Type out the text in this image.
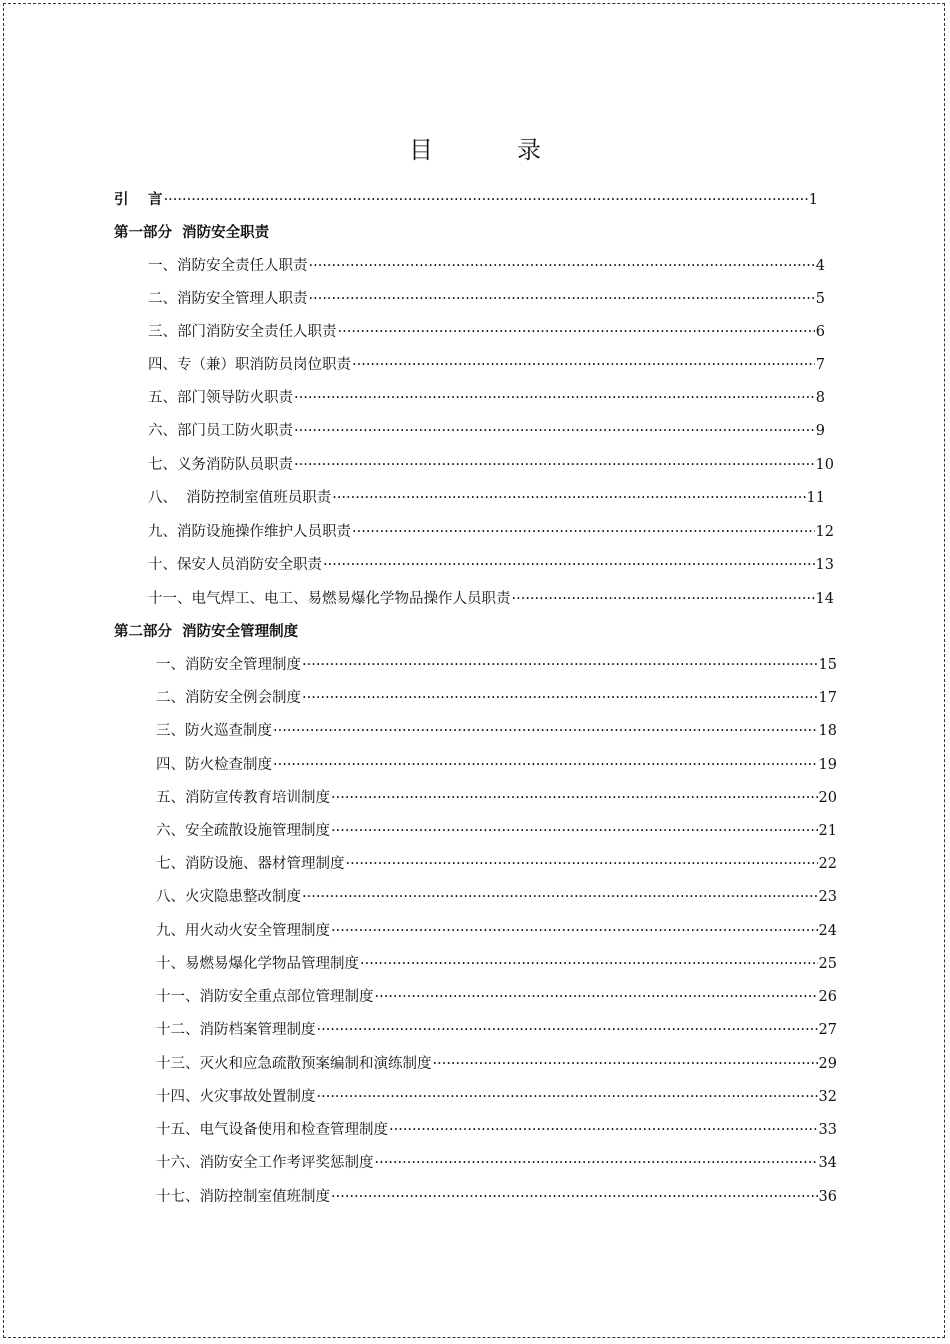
目	录
引　 言 ·····	1
第一部分  消防安全职责
一、消防安全责任人职责 ·····	4
二、消防安全管理人职责 ·····	5
三、部门消防安全责任人职责 ·····	6
四、专（兼）职消防员岗位职责 ·····	7
五、部门领导防火职责 ·····	8
六、部门员工防火职责 ·····	9
七、义务消防队员职责 ·····	10
八、  消防控制室值班员职责 ·····	11
九、消防设施操作维护人员职责 ·····	12
十、保安人员消防安全职责 ·····	13
十一、电气焊工、电工、易燃易爆化学物品操作人员职责 ·····	14
第二部分  消防安全管理制度
一、消防安全管理制度 ·····	15
二、消防安全例会制度 ·····	17
三、防火巡查制度 ·····	18
四、防火检查制度 ·····	19
五、消防宣传教育培训制度 ·····	20
六、安全疏散设施管理制度 ·····	21
七、消防设施、器材管理制度 ·····	22
八、火灾隐患整改制度 ·····	23
九、用火动火安全管理制度 ·····	24
十、易燃易爆化学物品管理制度 ·····	25
十一、消防安全重点部位管理制度 ·····	26
十二、消防档案管理制度 ·····	27
十三、灭火和应急疏散预案编制和演练制度 ·····	29
十四、火灾事故处置制度 ·····	32
十五、电气设备使用和检查管理制度 ·····	33
十六、消防安全工作考评奖惩制度 ·····	34
十七、消防控制室值班制度 ·····	36
